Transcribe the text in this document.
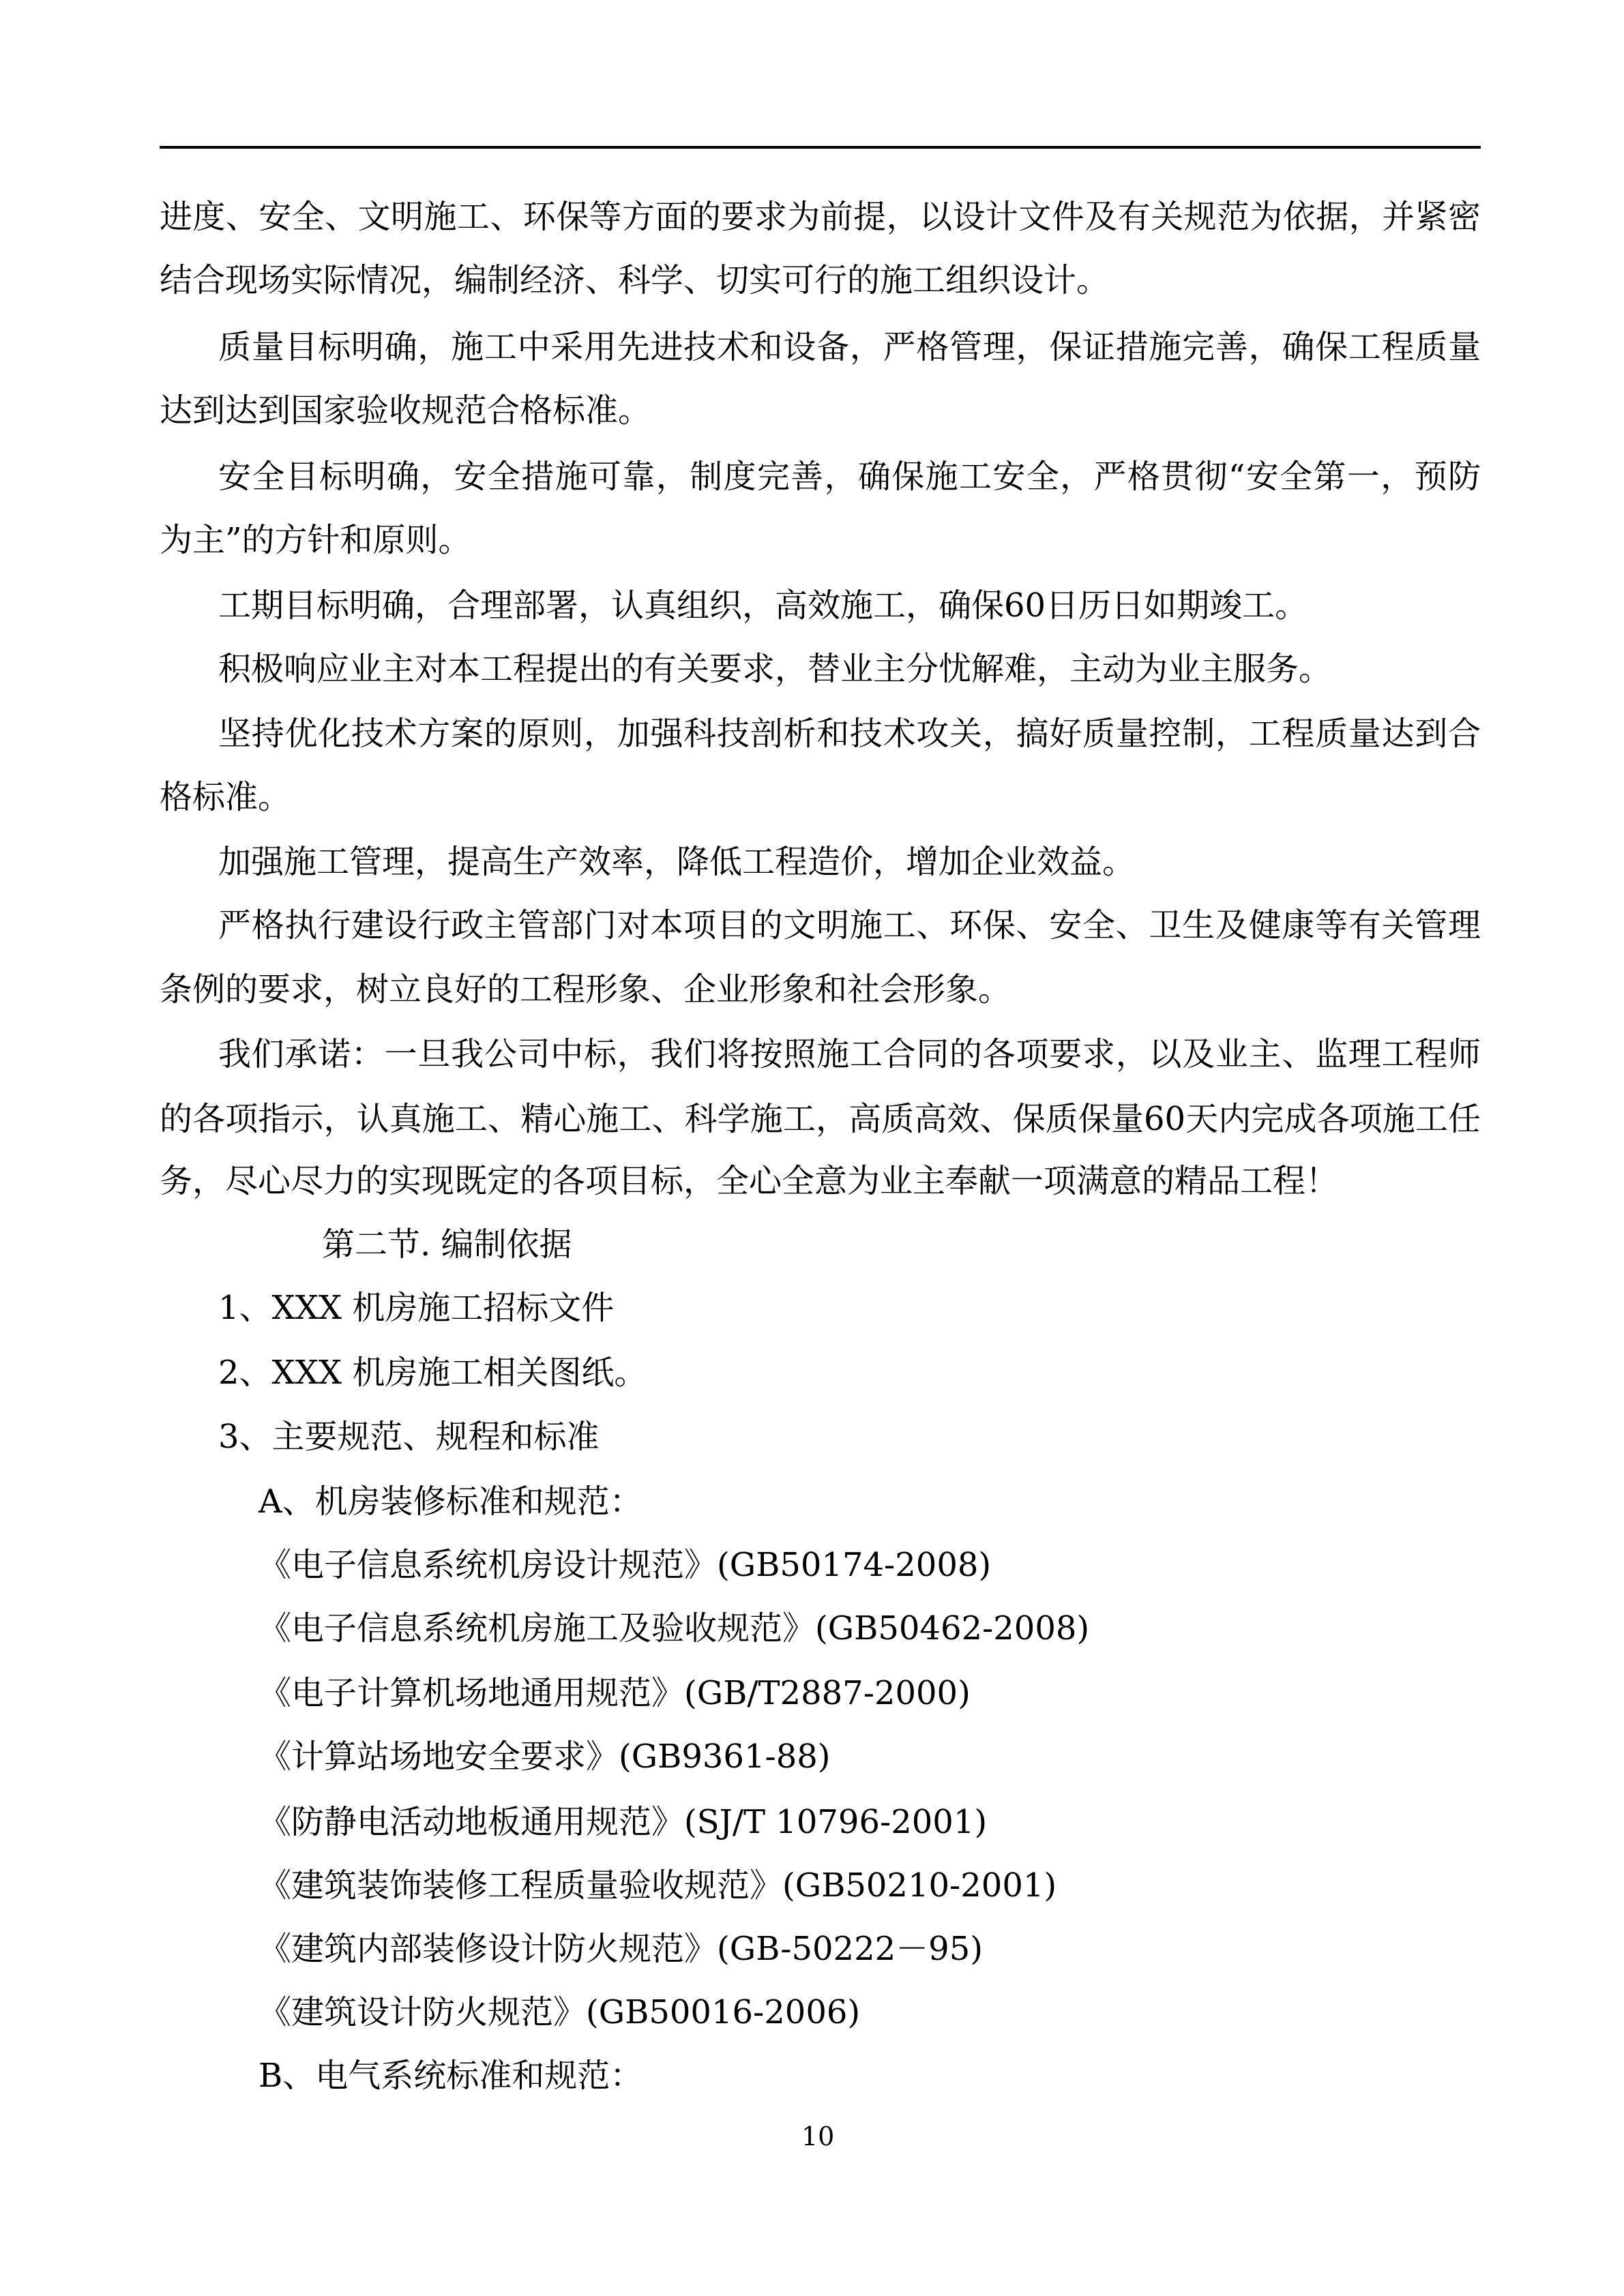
进度、安全、文明施工、环保等方面的要求为前提，以设计文件及有关规范为依据，并紧密
结合现场实际情况，编制经济、科学、切实可行的施工组织设计。
质量目标明确，施工中采用先进技术和设备，严格管理，保证措施完善，确保工程质量
达到达到国家验收规范合格标准。
安全目标明确，安全措施可靠，制度完善，确保施工安全，严格贯彻“安全第一，预防
为主”的方针和原则。
工期目标明确，合理部署，认真组织，高效施工，确保60日历日如期竣工。
积极响应业主对本工程提出的有关要求，替业主分忧解难，主动为业主服务。
坚持优化技术方案的原则，加强科技剖析和技术攻关，搞好质量控制，工程质量达到合
格标准。
加强施工管理，提高生产效率，降低工程造价，增加企业效益。
严格执行建设行政主管部门对本项目的文明施工、环保、安全、卫生及健康等有关管理
条例的要求，树立良好的工程形象、企业形象和社会形象。
我们承诺：一旦我公司中标，我们将按照施工合同的各项要求，以及业主、监理工程师
的各项指示，认真施工、精心施工、科学施工，高质高效、保质保量60天内完成各项施工任
务，尽心尽力的实现既定的各项目标，全心全意为业主奉献一项满意的精品工程！
第二节. 编制依据
1、XXX 机房施工招标文件
2、XXX 机房施工相关图纸。
3、主要规范、规程和标准
A、机房装修标准和规范：
《电子信息系统机房设计规范》(GB50174-2008)
《电子信息系统机房施工及验收规范》(GB50462-2008)
《电子计算机场地通用规范》(GB/T2887-2000)
《计算站场地安全要求》(GB9361-88)
《防静电活动地板通用规范》(SJ/T 10796-2001)
《建筑装饰装修工程质量验收规范》(GB50210-2001)
《建筑内部装修设计防火规范》(GB-50222－95)
《建筑设计防火规范》(GB50016-2006)
B、电气系统标准和规范：
10
